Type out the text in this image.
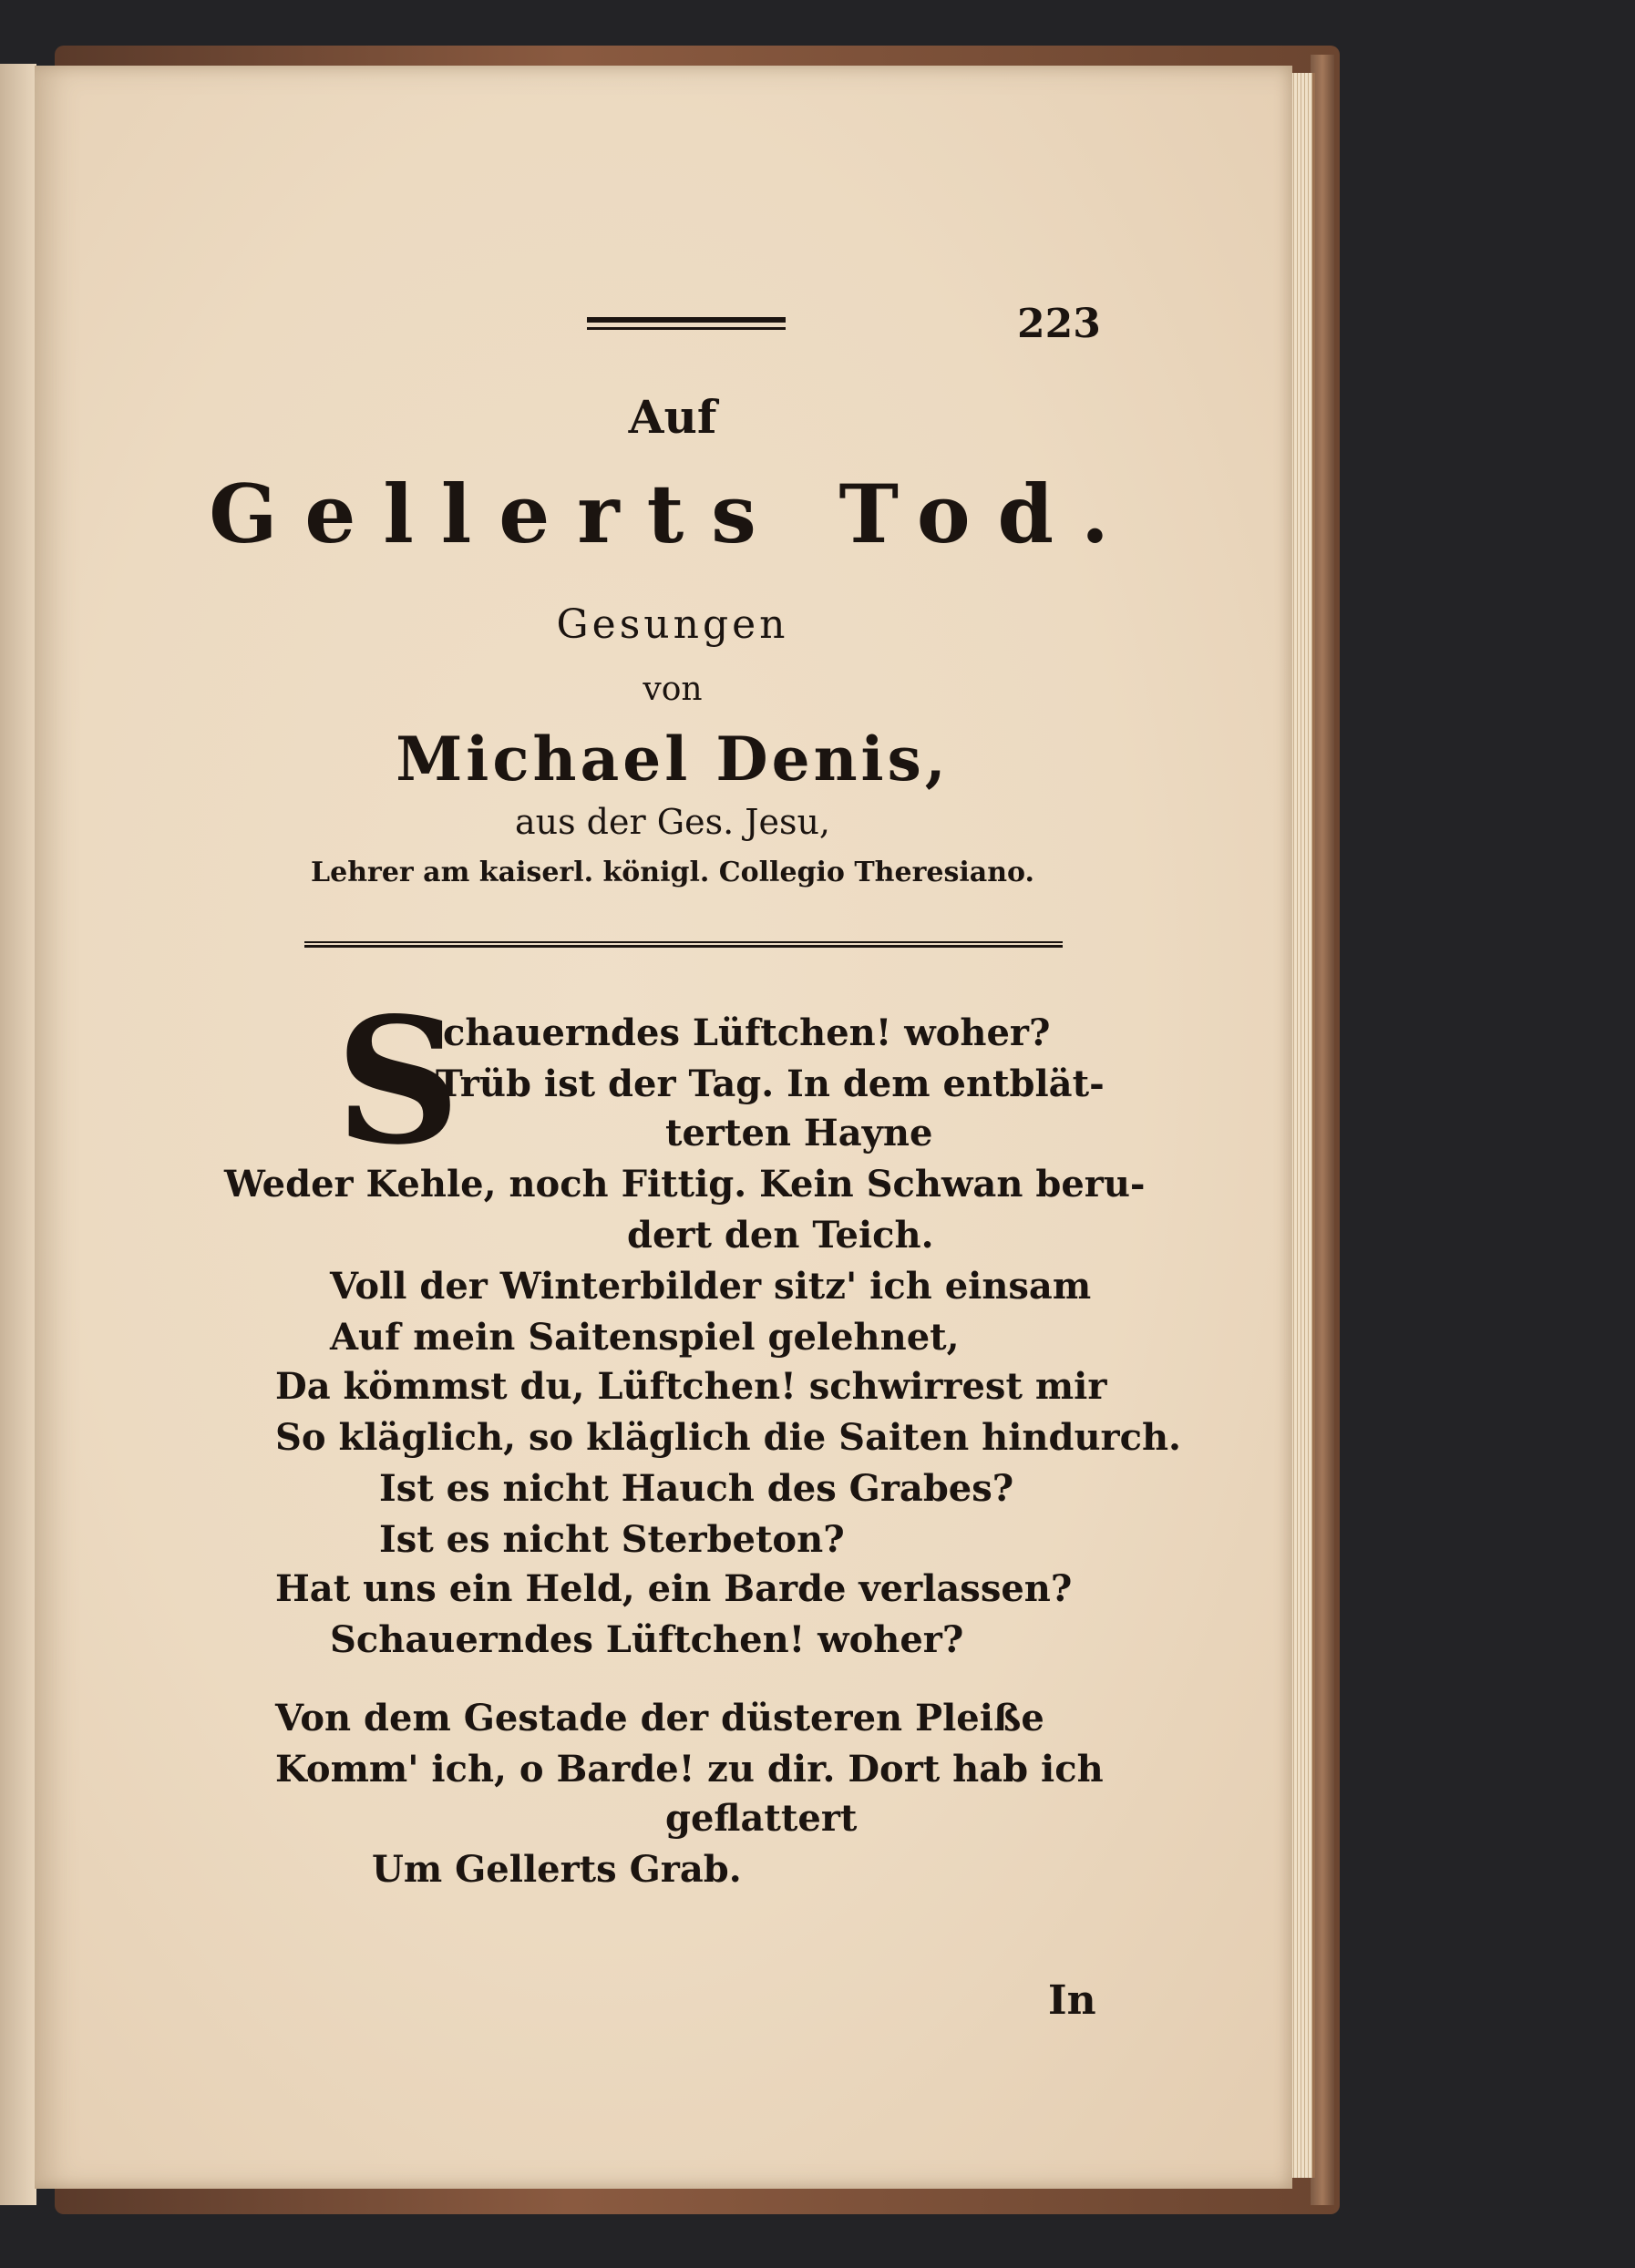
223
Auf
Gellerts Tod.
Gesungen
von
Michael Denis,
aus der Ges. Jesu,
Lehrer am kaiserl. königl. Collegio Theresiano.
S
chauerndes Lüftchen! woher?
Trüb ist der Tag. In dem entblät-
terten Hayne
Weder Kehle, noch Fittig. Kein Schwan beru-
dert den Teich.
Voll der Winterbilder sitz' ich einsam
Auf mein Saitenspiel gelehnet,
Da kömmst du, Lüftchen! schwirrest mir
So kläglich, so kläglich die Saiten hindurch.
Ist es nicht Hauch des Grabes?
Ist es nicht Sterbeton?
Hat uns ein Held, ein Barde verlassen?
Schauerndes Lüftchen! woher?
Von dem Gestade der düsteren Pleiße
Komm' ich, o Barde! zu dir. Dort hab ich
geflattert
Um Gellerts Grab.
In
